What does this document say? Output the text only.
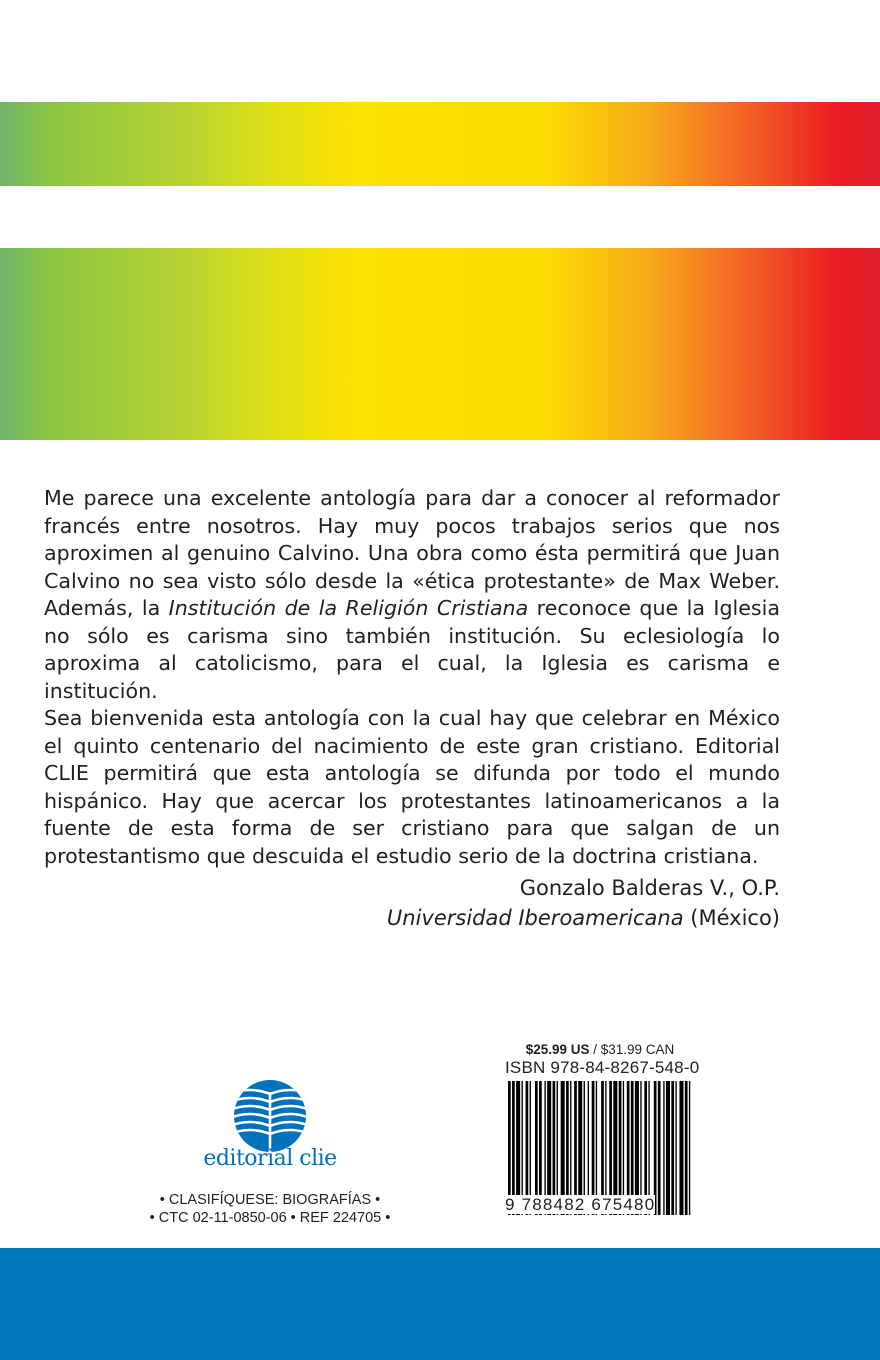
Me parece una excelente antología para dar a conocer al reformador francés entre nosotros. Hay muy pocos trabajos serios que nos aproximen al genuino Calvino. Una obra como ésta permitirá que Juan Calvino no sea visto sólo desde la «ética protestante» de Max Weber. Además, la Institución de la Religión Cristiana reconoce que la Iglesia no sólo es carisma sino también institución. Su eclesiología lo aproxima al catolicismo, para el cual, la Iglesia es carisma e institución.

Sea bienvenida esta antología con la cual hay que celebrar en México el quinto centenario del nacimiento de este gran cristiano. Editorial CLIE permitirá que esta antología se difunda por todo el mundo hispánico. Hay que acercar los protestantes latinoamericanos a la fuente de esta forma de ser cristiano para que salgan de un protestantismo que descuida el estudio serio de la doctrina cristiana.

Gonzalo Balderas V., O.P.
Universidad Iberoamericana (México)
editorial clie
• CLASIFÍQUESE: BIOGRAFÍAS •
• CTC 02-11-0850-06 • REF 224705 •
$25.99 US / $31.99 CAN
ISBN 978-84-8267-548-0
9 788482 675480
